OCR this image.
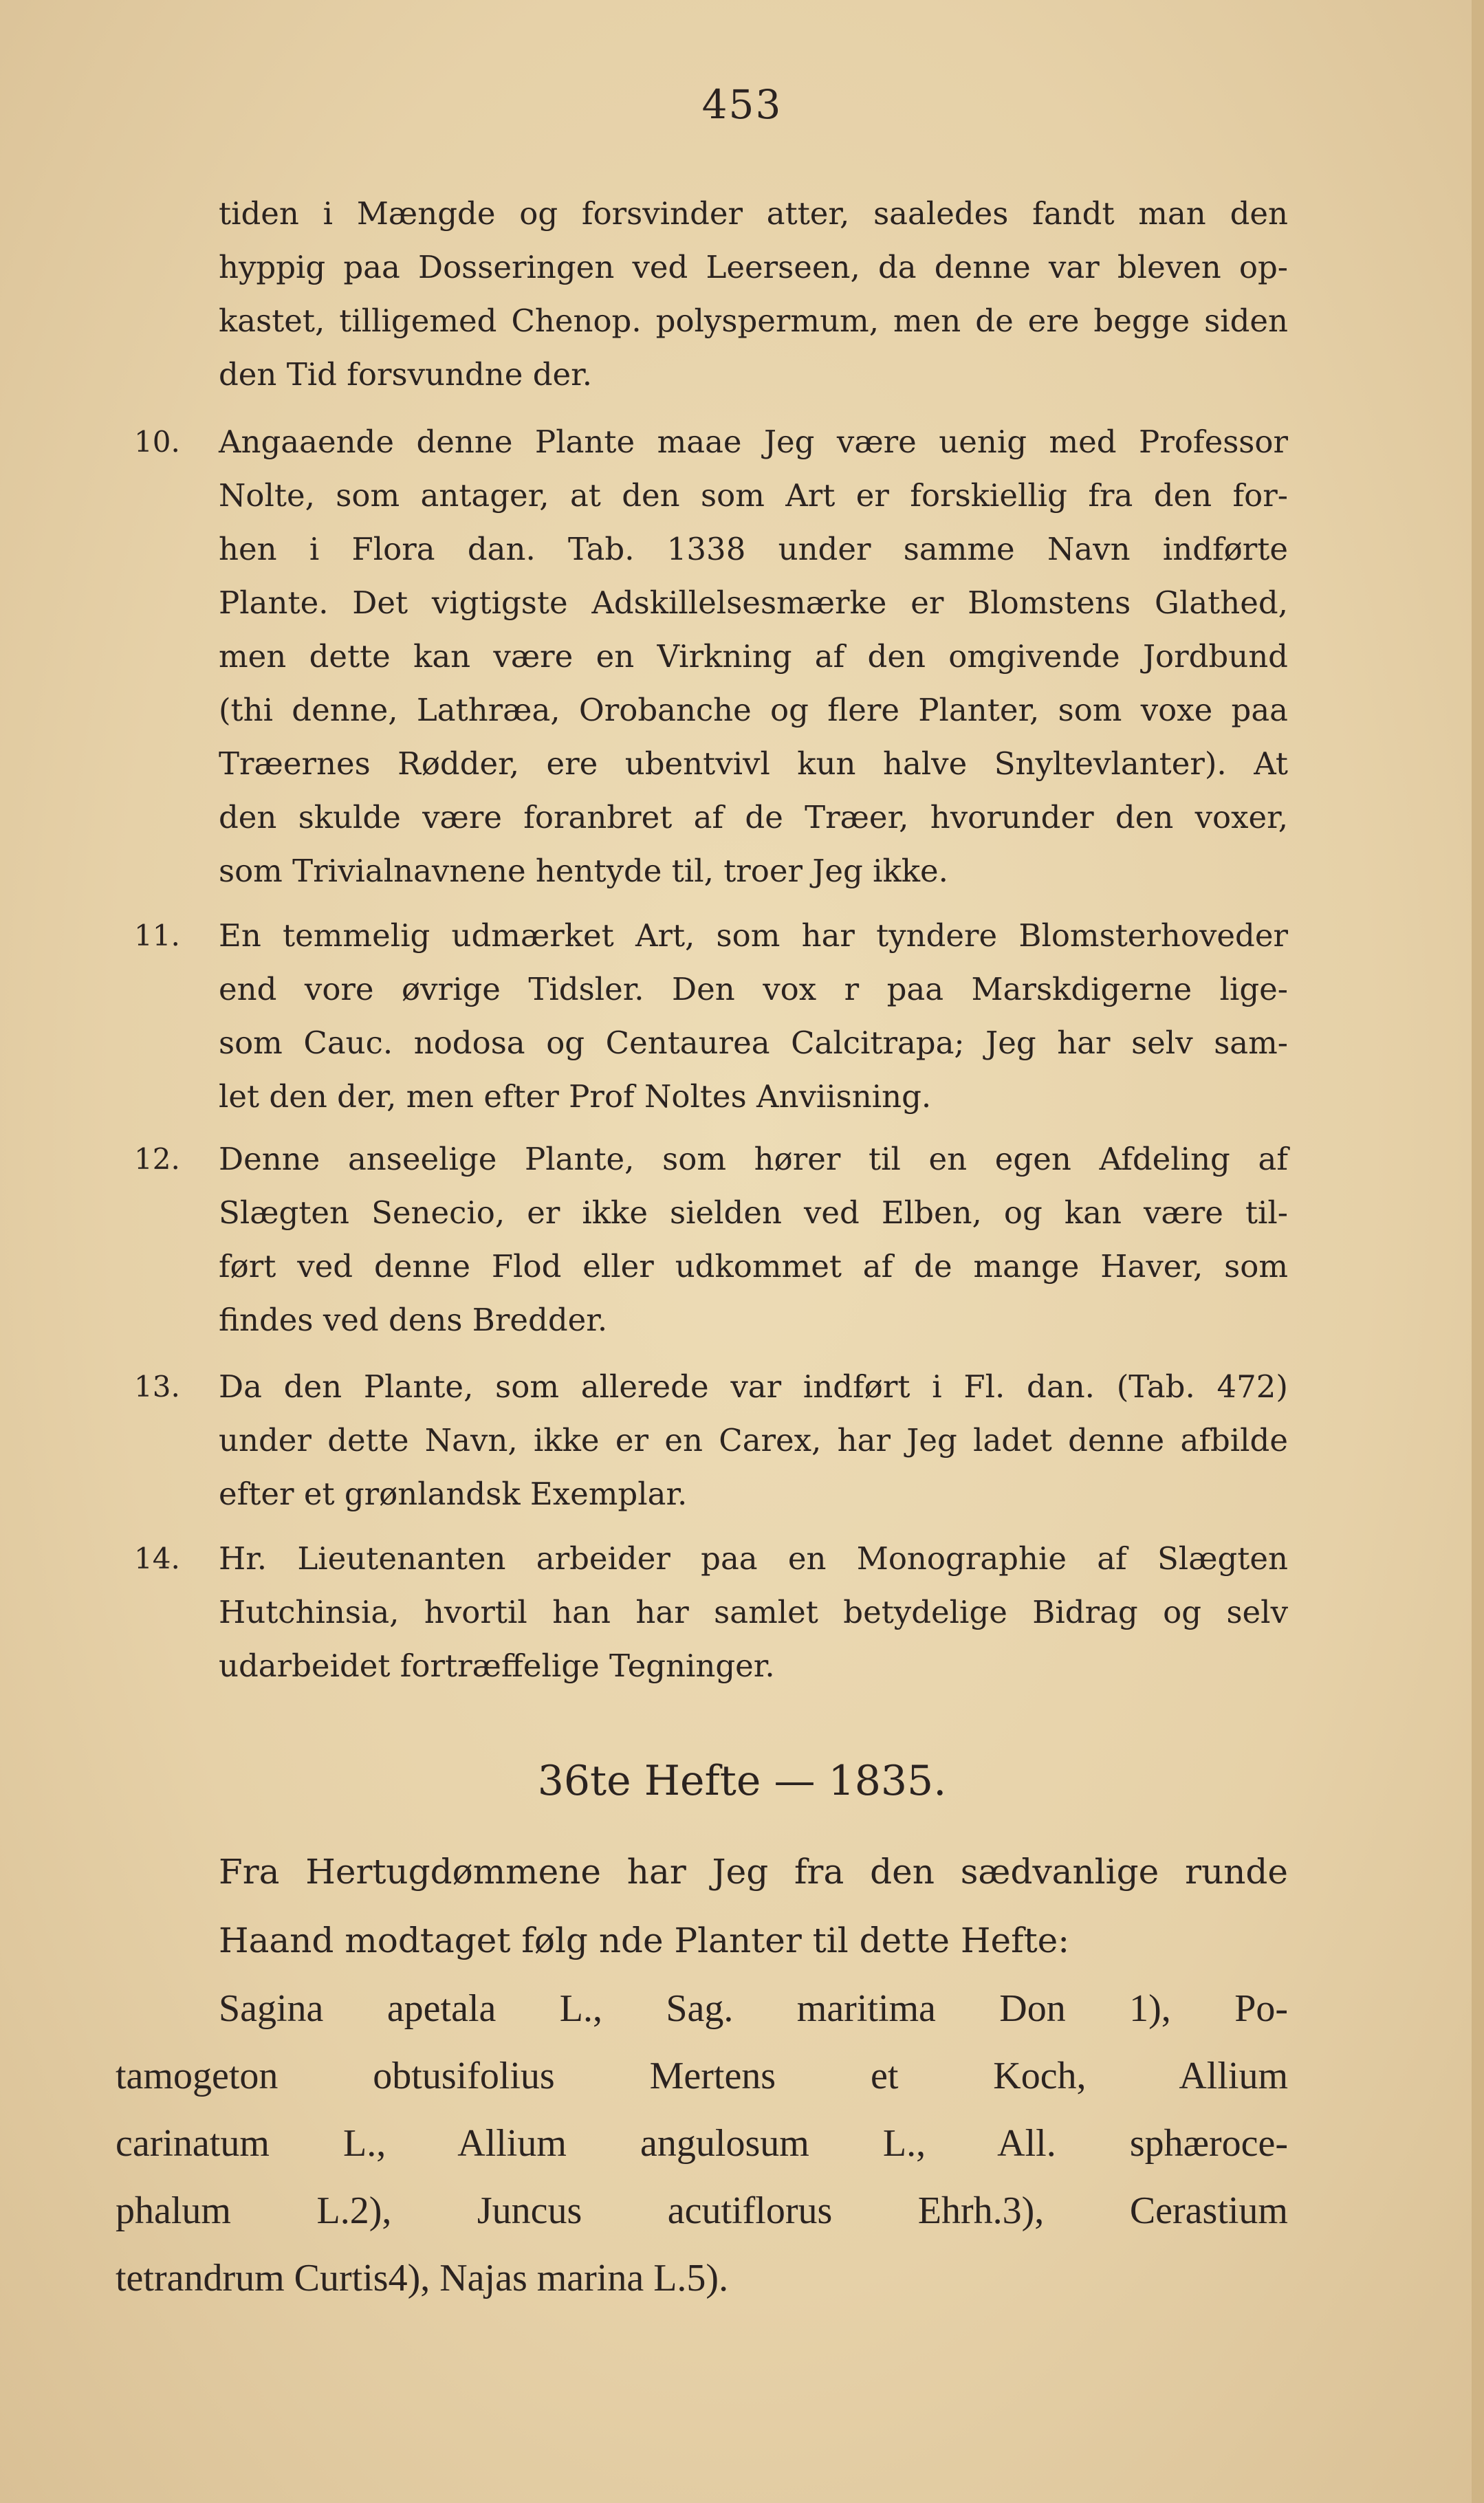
453
tiden i Mængde og forsvinder atter, saaledes fandt man den
hyppig paa Dosseringen ved Leerseen, da denne var bleven op-
kastet, tilligemed Chenop. polyspermum, men de ere begge siden
den Tid forsvundne der.
10. Angaaende denne Plante maae Jeg være uenig med Professor
Nolte, som antager, at den som Art er forskiellig fra den for-
hen i Flora dan. Tab. 1338 under samme Navn indførte
Plante. Det vigtigste Adskillelsesmærke er Blomstens Glathed,
men dette kan være en Virkning af den omgivende Jordbund
(thi denne, Lathræa, Orobanche og flere Planter, som voxe paa
Træernes Rødder, ere ubentvivl kun halve Snyltevlanter). At
den skulde være foranbret af de Træer, hvorunder den voxer,
som Trivialnavnene hentyde til, troer Jeg ikke.
11. En temmelig udmærket Art, som har tyndere Blomsterhoveder
end vore øvrige Tidsler. Den vox r paa Marskdigerne lige-
som Cauc. nodosa og Centaurea Calcitrapa; Jeg har selv sam-
let den der, men efter Prof Noltes Anviisning.
12. Denne anseelige Plante, som hører til en egen Afdeling af
Slægten Senecio, er ikke sielden ved Elben, og kan være til-
ført ved denne Flod eller udkommet af de mange Haver, som
findes ved dens Bredder.
13. Da den Plante, som allerede var indført i Fl. dan. (Tab. 472)
under dette Navn, ikke er en Carex, har Jeg ladet denne afbilde
efter et grønlandsk Exemplar.
14. Hr. Lieutenanten arbeider paa en Monographie af Slægten
Hutchinsia, hvortil han har samlet betydelige Bidrag og selv
udarbeidet fortræffelige Tegninger.
36te Hefte — 1835.
Fra Hertugdømmene har Jeg fra den sædvanlige runde
Haand modtaget følg nde Planter til dette Hefte:
Sagina apetala L., Sag. maritima Don 1), Po-
tamogeton obtusifolius Mertens et Koch, Allium
carinatum L., Allium angulosum L., All. sphæroce-
phalum L.2), Juncus acutiflorus Ehrh.3), Cerastium
tetrandrum Curtis4), Najas marina L.5).
